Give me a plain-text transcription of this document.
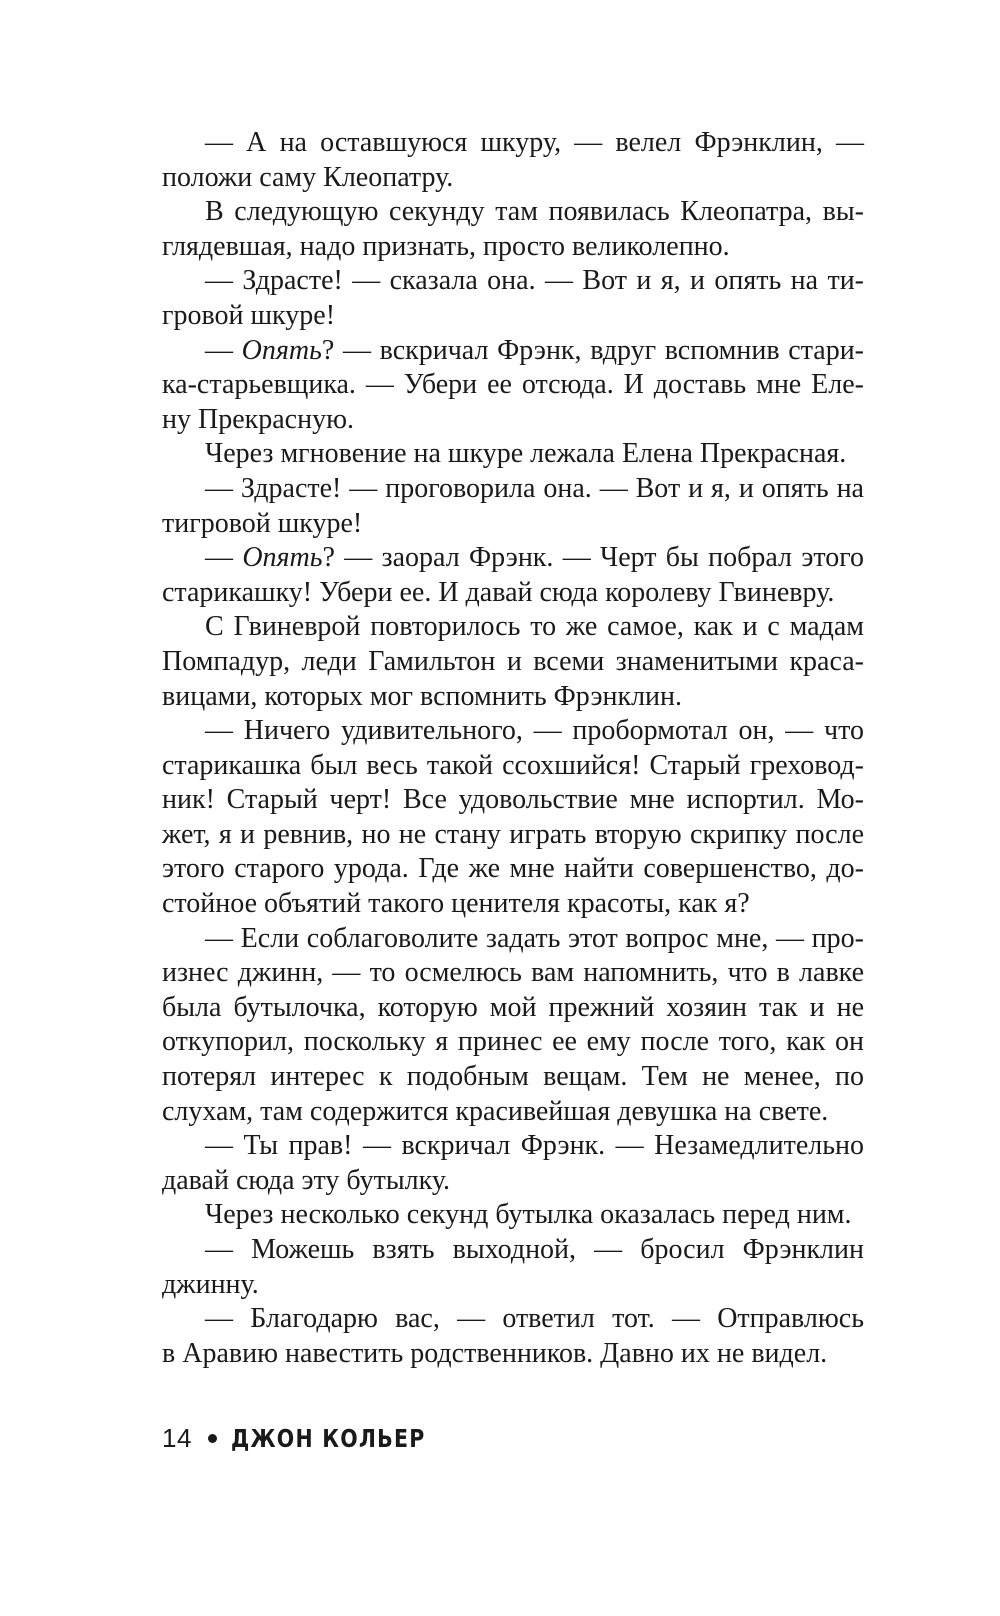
— А на оставшуюся шкуру, — велел Фрэнклин, —
положи саму Клеопатру.
В следующую секунду там появилась Клеопатра, вы-
глядевшая, надо признать, просто великолепно.
— Здрасте! — сказала она. — Вот и я, и опять на ти-
гровой шкуре!
— Опять? — вскричал Фрэнк, вдруг вспомнив стари-
ка-старьевщика. — Убери ее отсюда. И доставь мне Еле-
ну Прекрасную.
Через мгновение на шкуре лежала Елена Прекрасная.
— Здрасте! — проговорила она. — Вот и я, и опять на
тигровой шкуре!
— Опять? — заорал Фрэнк. — Черт бы побрал этого
старикашку! Убери ее. И давай сюда королеву Гвиневру.
С Гвиневрой повторилось то же самое, как и с мадам
Помпадур, леди Гамильтон и всеми знаменитыми краса-
вицами, которых мог вспомнить Фрэнклин.
— Ничего удивительного, — пробормотал он, — что
старикашка был весь такой ссохшийся! Старый греховод-
ник! Старый черт! Все удовольствие мне испортил. Мо-
жет, я и ревнив, но не стану играть вторую скрипку после
этого старого урода. Где же мне найти совершенство, до-
стойное объятий такого ценителя красоты, как я?
— Если соблаговолите задать этот вопрос мне, — про-
изнес джинн, — то осмелюсь вам напомнить, что в лавке
была бутылочка, которую мой прежний хозяин так и не
откупорил, поскольку я принес ее ему после того, как он
потерял интерес к подобным вещам. Тем не менее, по
слухам, там содержится красивейшая девушка на свете.
— Ты прав! — вскричал Фрэнк. — Незамедлительно
давай сюда эту бутылку.
Через несколько секунд бутылка оказалась перед ним.
— Можешь взять выходной, — бросил Фрэнклин
джинну.
— Благодарю вас, — ответил тот. — Отправлюсь
в Аравию навестить родственников. Давно их не видел.
14 ДЖОН КОЛЬЕР
